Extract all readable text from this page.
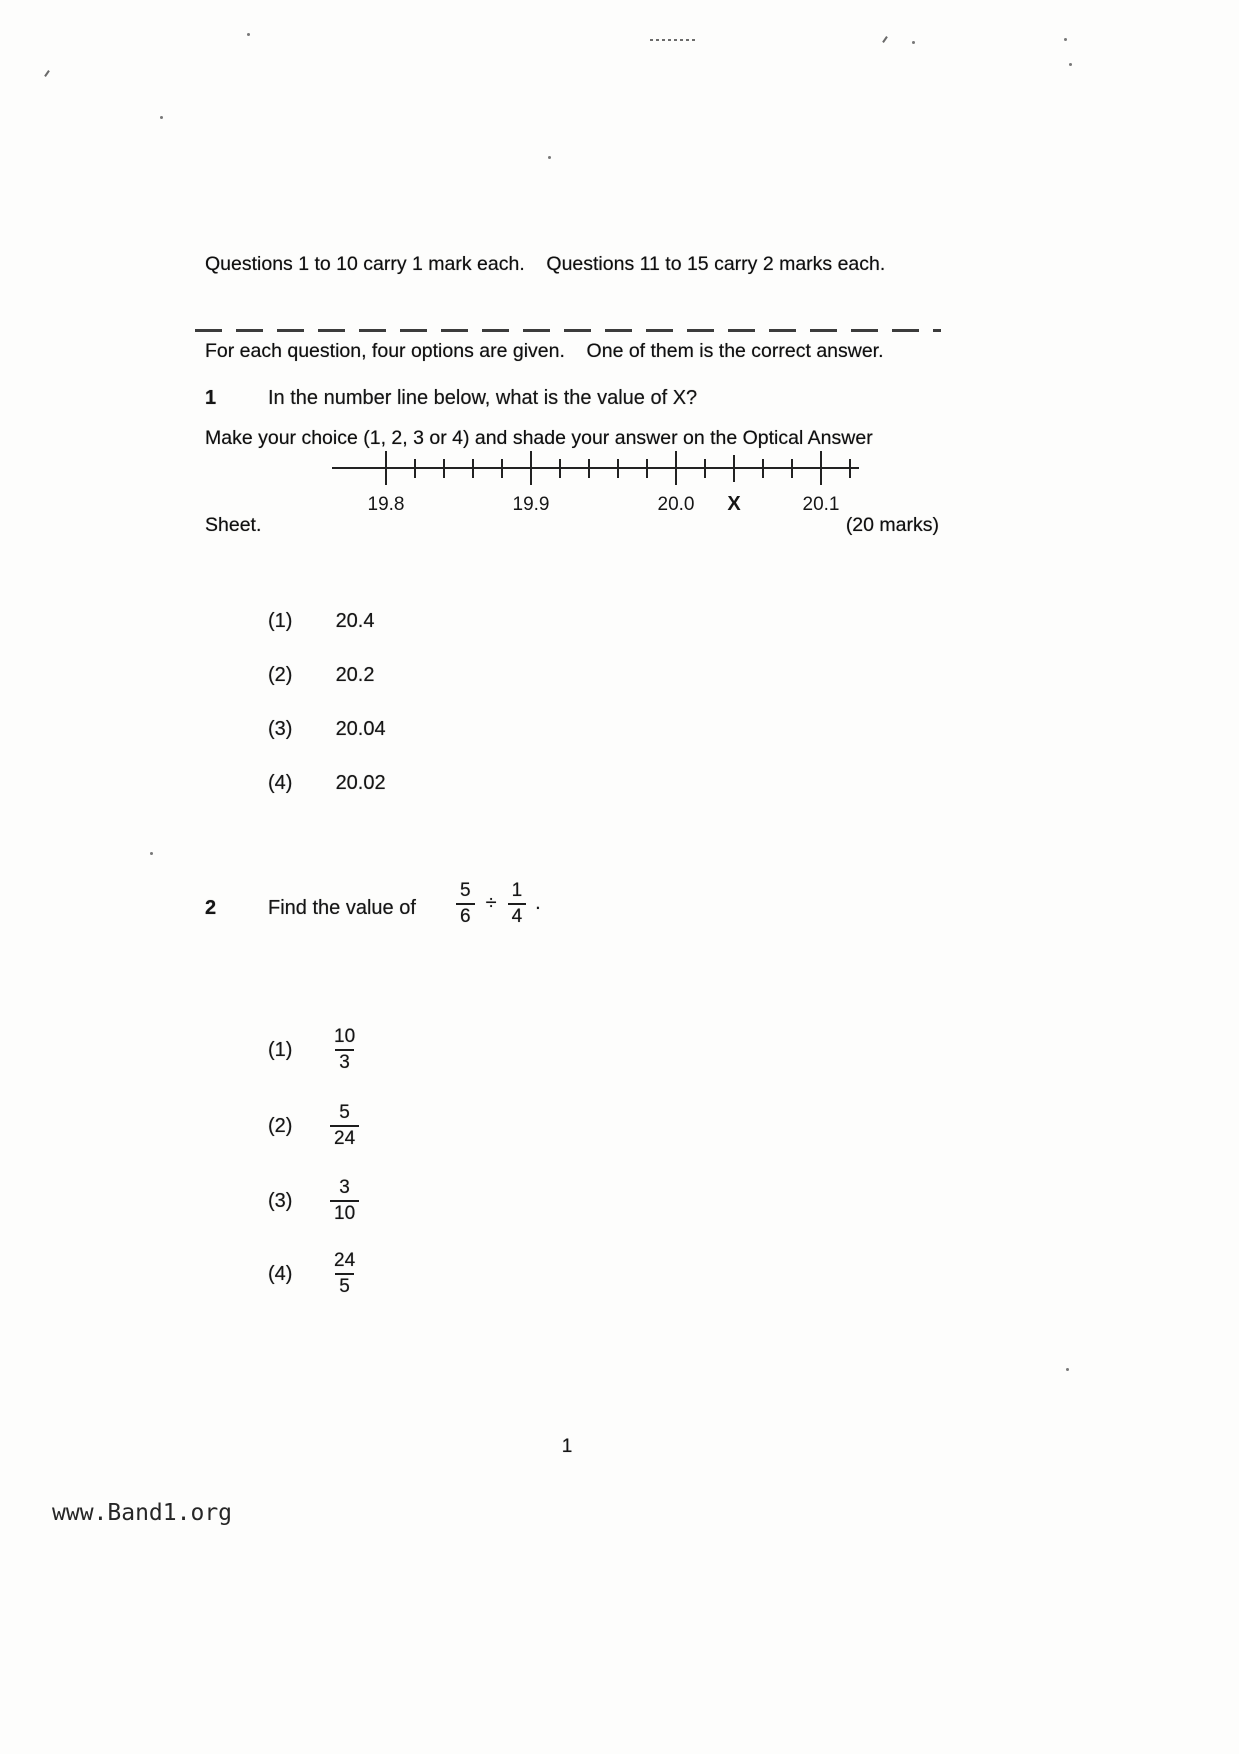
Questions 1 to 10 carry 1 mark each.    Questions 11 to 15 carry 2 marks each.

For each question, four options are given.    One of them is the correct answer.

Make your choice (1, 2, 3 or 4) and shade your answer on the Optical Answer

Sheet.	(20 marks)

1	In the number line below, what is the value of X?
19.8	19.9	20.0 X	20.1
(1) 20.4
(2) 20.2
(3) 20.04
(4) 20.02
2	Find the value of $\frac{5}{6} \div \frac{1}{4}$ .
(1)	$\frac{10}{3}$
(2)	$\frac{5}{24}$
(3)	$\frac{3}{10}$
(4)	$\frac{24}{5}$
1
www.Band1.org
